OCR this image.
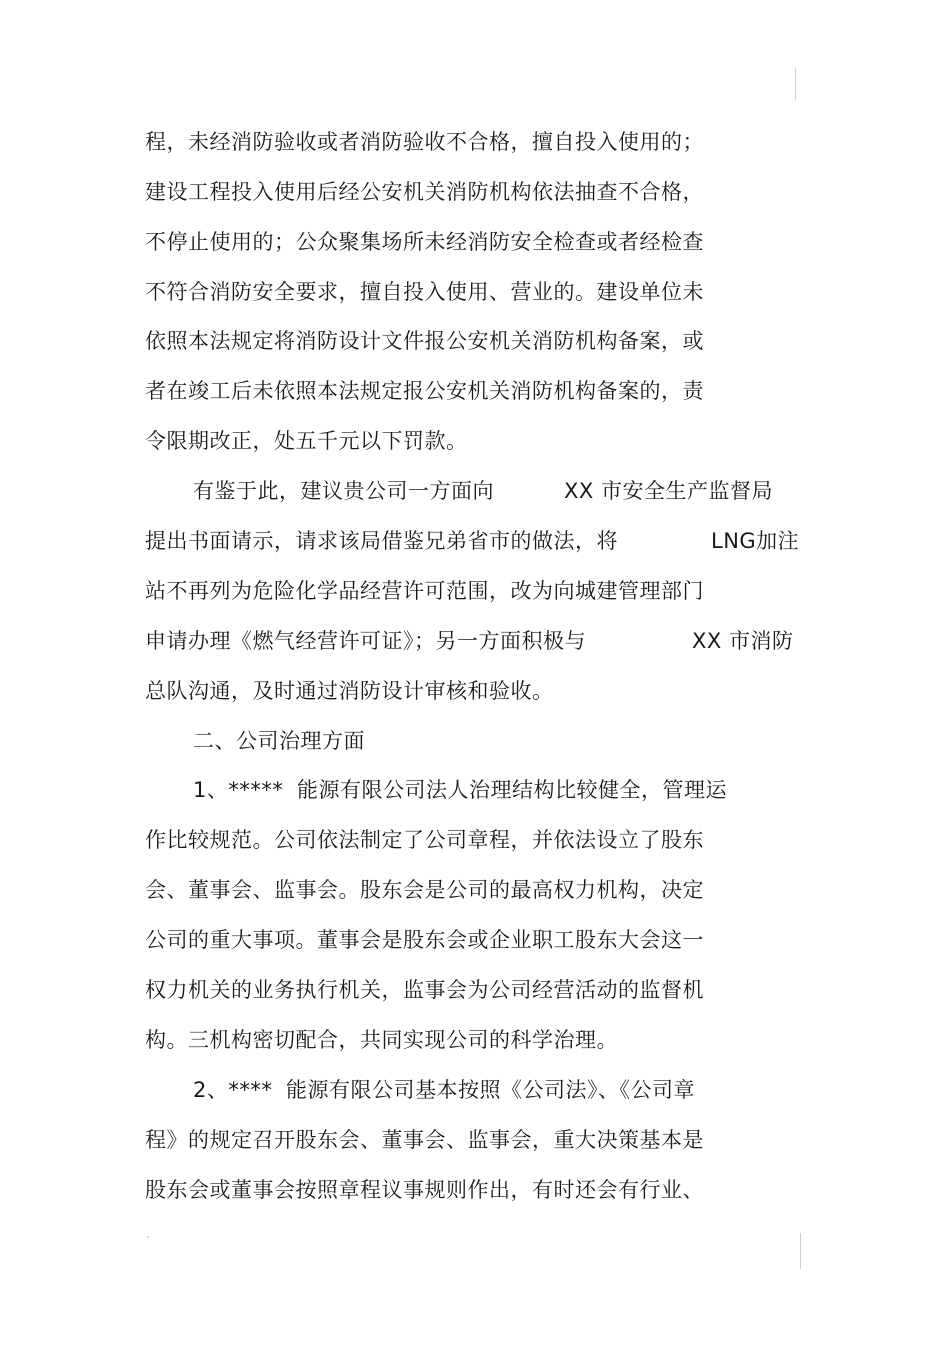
程，未经消防验收或者消防验收不合格，擅自投入使用的；
建设工程投入使用后经公安机关消防机构依法抽查不合格，
不停止使用的；公众聚集场所未经消防安全检查或者经检查
不符合消防安全要求，擅自投入使用、营业的。建设单位未
依照本法规定将消防设计文件报公安机关消防机构备案，或
者在竣工后未依照本法规定报公安机关消防机构备案的，责
令限期改正，处五千元以下罚款。
有鉴于此，建议贵公司一方面向	XX 市安全生产监督局
提出书面请示，请求该局借鉴兄弟省市的做法，将	LNG加注
站不再列为危险化学品经营许可范围，改为向城建管理部门
申请办理《燃气经营许可证》；另一方面积极与	XX 市消防
总队沟通，及时通过消防设计审核和验收。
二、公司治理方面
1、***** 能源有限公司法人治理结构比较健全，管理运
作比较规范。公司依法制定了公司章程，并依法设立了股东
会、董事会、监事会。股东会是公司的最高权力机构，决定
公司的重大事项。董事会是股东会或企业职工股东大会这一
权力机关的业务执行机关，监事会为公司经营活动的监督机
构。三机构密切配合，共同实现公司的科学治理。
2、**** 能源有限公司基本按照《公司法》、《公司章
程》的规定召开股东会、董事会、监事会，重大决策基本是
股东会或董事会按照章程议事规则作出，有时还会有行业、
